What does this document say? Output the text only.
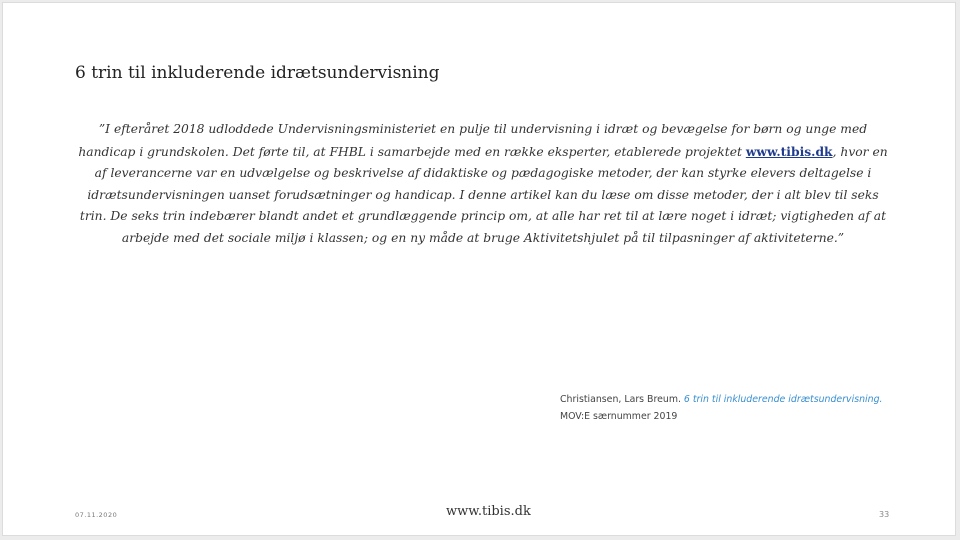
6 trin til inkluderende idrætsundervisning
”I efteråret 2018 udloddede Undervisningsministeriet en pulje til undervisning i idræt og bevægelse for børn og unge med handicap i grundskolen. Det førte til, at FHBL i samarbejde med en række eksperter, etablerede projektet www.tibis.dk, hvor en af leverancerne var en udvælgelse og beskrivelse af didaktiske og pædagogiske metoder, der kan styrke elevers deltagelse i idrætsundervisningen uanset forudsætninger og handicap. I denne artikel kan du læse om disse metoder, der i alt blev til seks trin. De seks trin indebærer blandt andet et grundlæggende princip om, at alle har ret til at lære noget i idræt; vigtigheden af at arbejde med det sociale miljø i klassen; og en ny måde at bruge Aktivitetshjulet på til tilpasninger af aktiviteterne.”
Christiansen, Lars Breum. 6 trin til inkluderende idrætsundervisning.
MOV:E særnummer 2019
07.11.2020	www.tibis.dk	33
